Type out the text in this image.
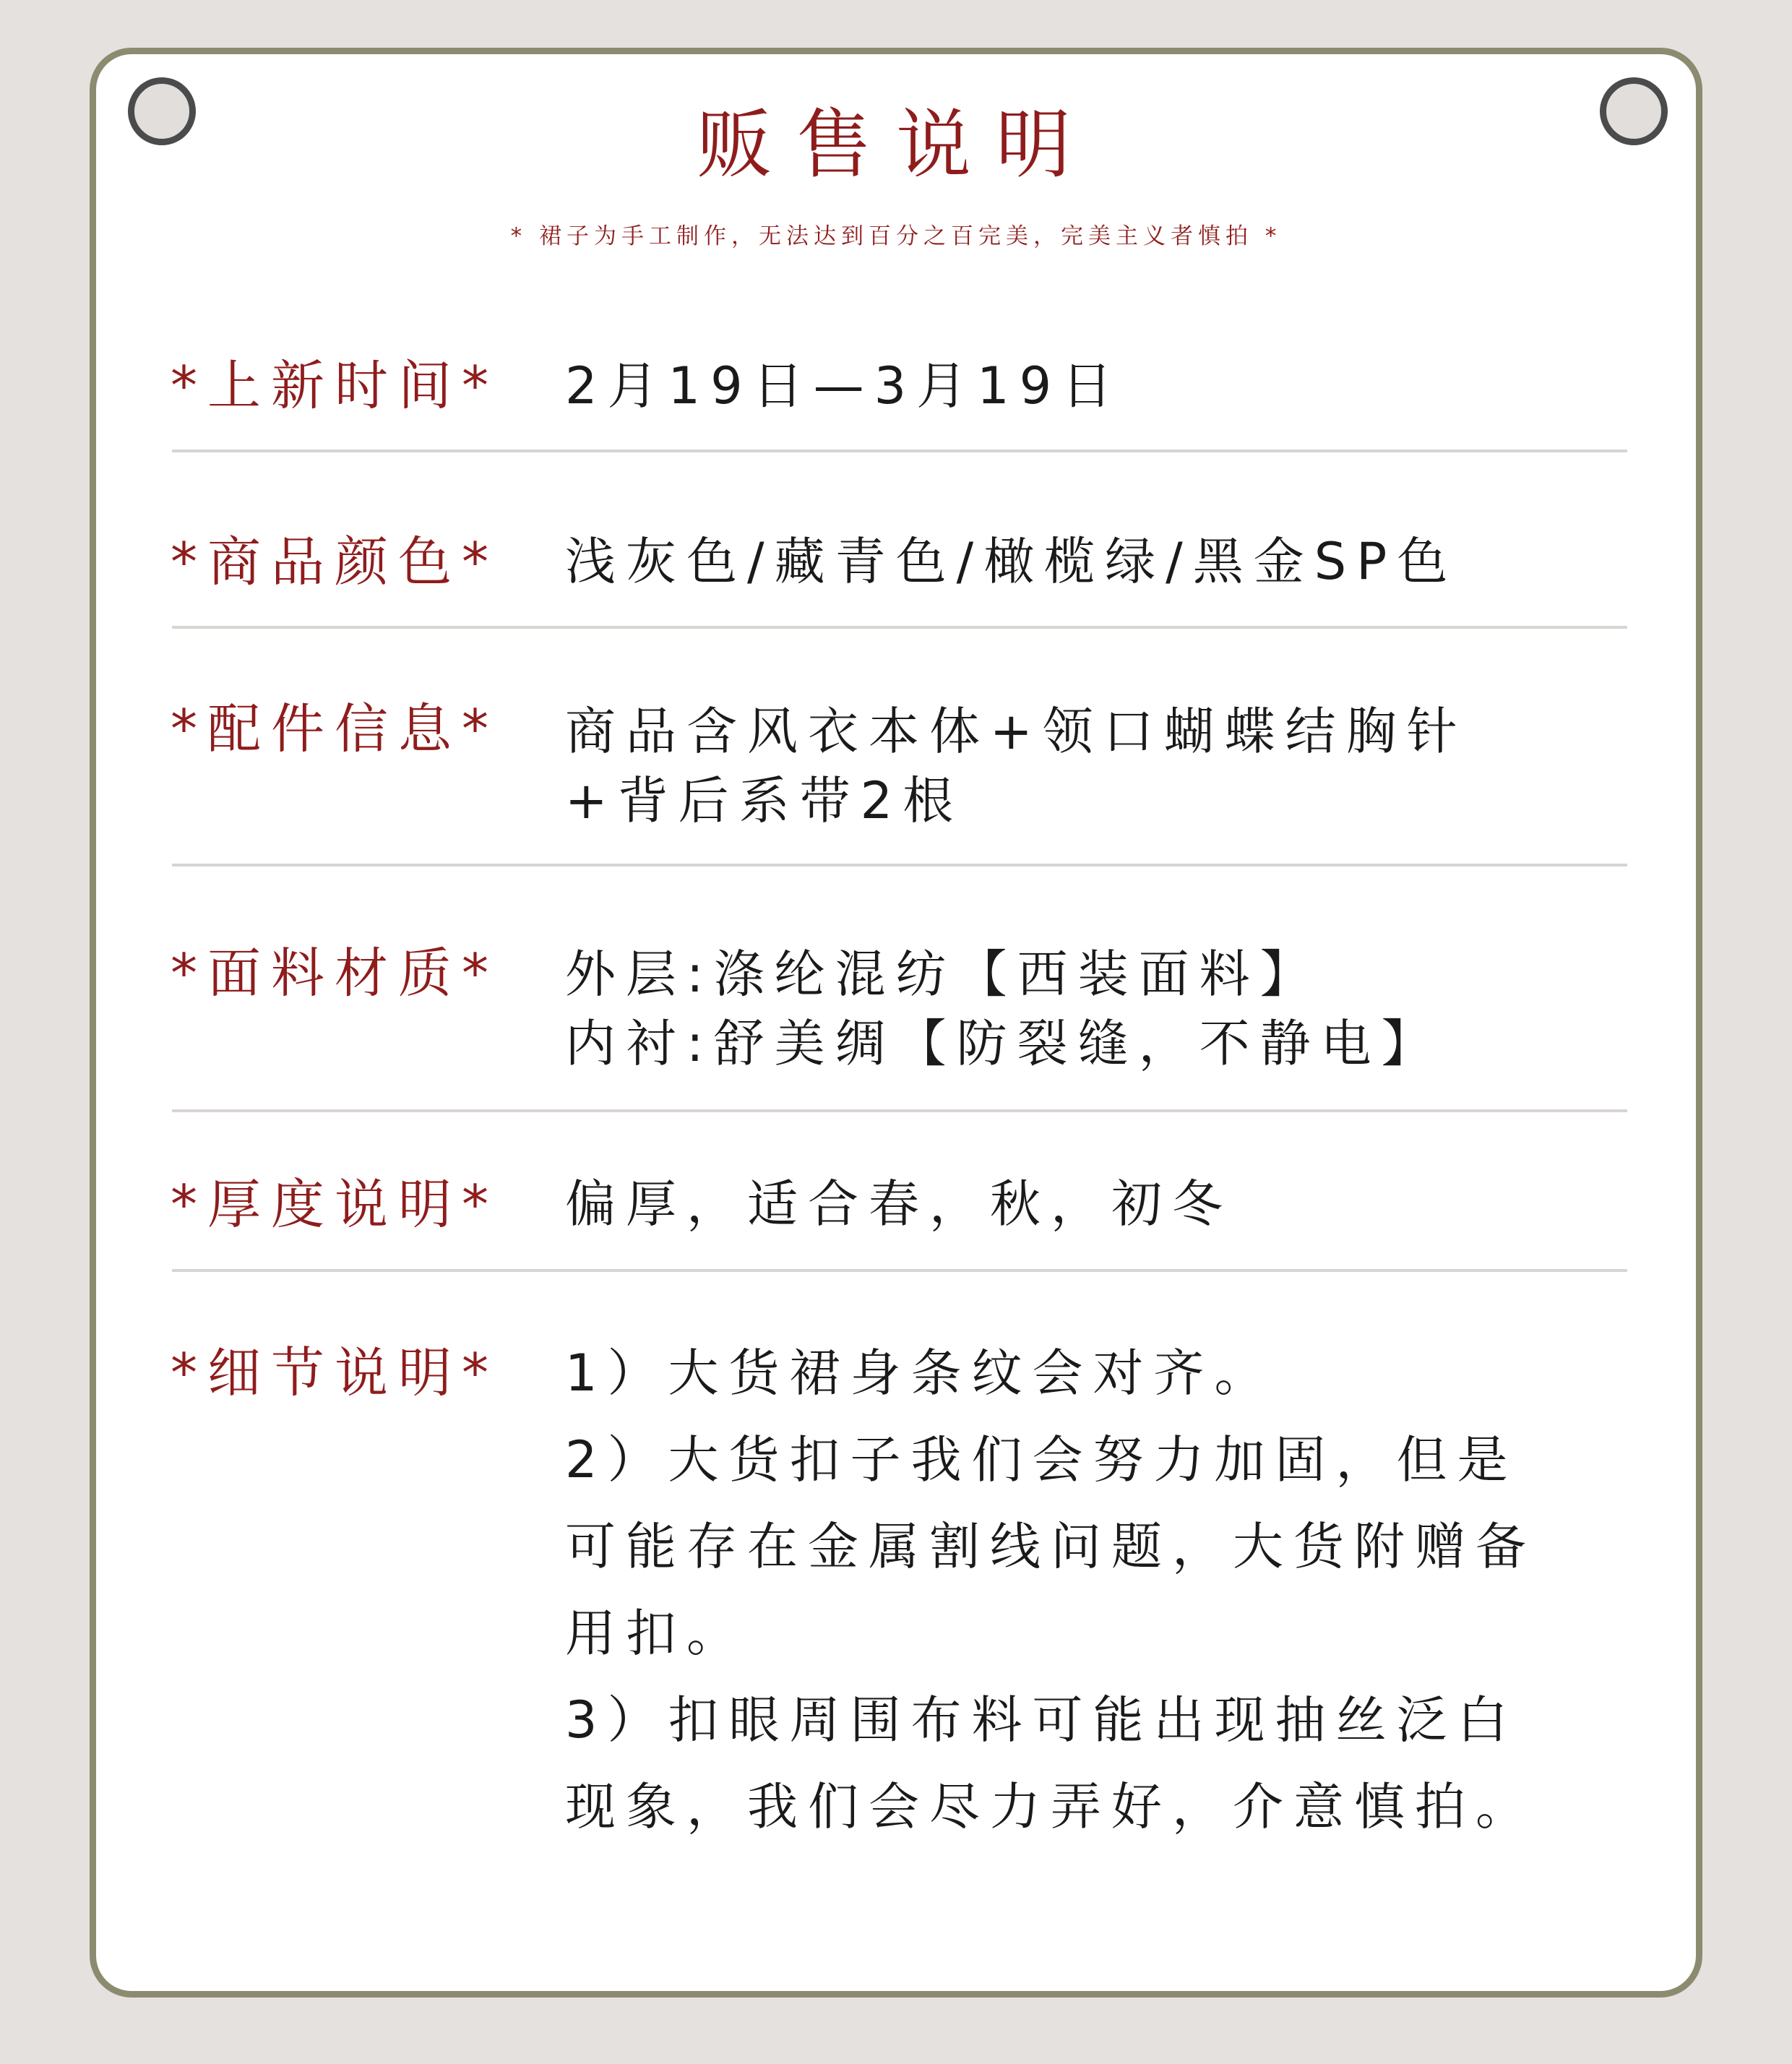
贩售说明
* 裙子为手工制作，无法达到百分之百完美，完美主义者慎拍 *
*上新时间* 2月19日—3月19日
*商品颜色* 浅灰色/藏青色/橄榄绿/黑金SP色
*配件信息* 商品含风衣本体+领口蝴蝶结胸针
+背后系带2根
*面料材质* 外层:涤纶混纺【西装面料】
内衬:舒美绸【防裂缝，不静电】
*厚度说明* 偏厚，适合春，秋，初冬
*细节说明* 1）大货裙身条纹会对齐。
2）大货扣子我们会努力加固，但是
可能存在金属割线问题，大货附赠备
用扣。
3）扣眼周围布料可能出现抽丝泛白
现象，我们会尽力弄好，介意慎拍。
